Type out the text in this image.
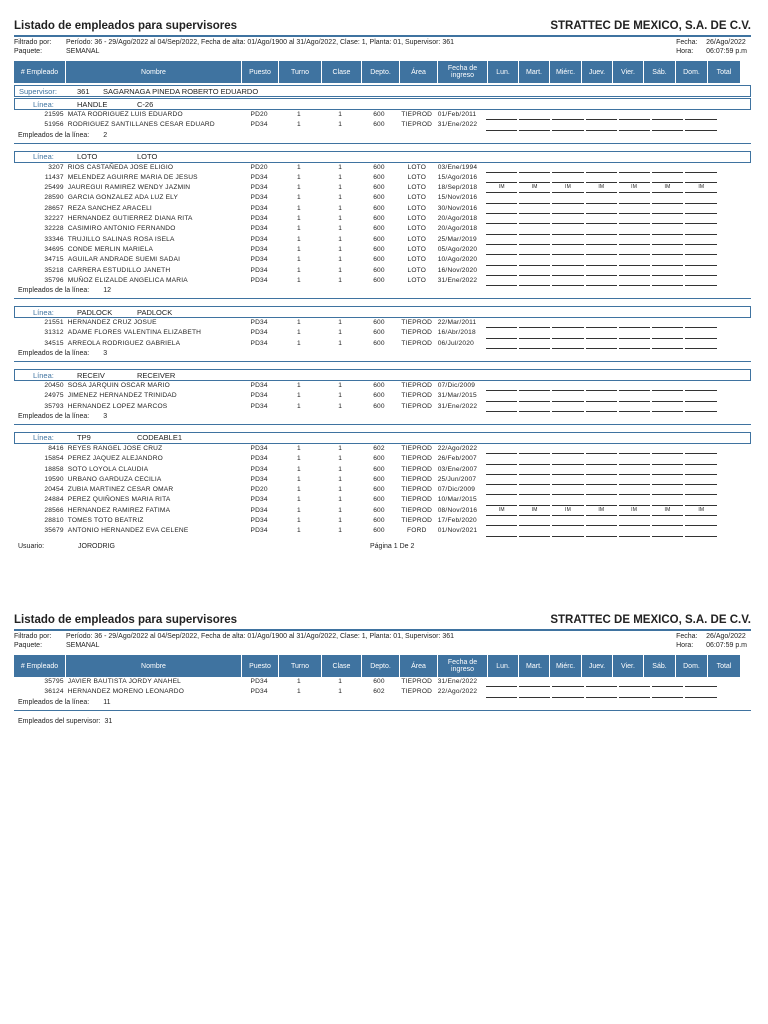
Listado de empleados para supervisores	STRATTEC DE MEXICO, S.A. DE C.V.
Filtrado por: Período: 36 - 29/Ago/2022 al 04/Sep/2022, Fecha de alta: 01/Ago/1900 al 31/Ago/2022, Clase: 1, Planta: 01, Supervisor: 361
Paquete:	SEMANAL
Fecha: 26/Ago/2022
Hora: 06:07:59 p.m
# Empleado	Nombre	Puesto	Turno	Clase	Depto.	Área	Fecha de ingreso	Lun.	Mart.	Miérc.	Juev.	Vier.	Sáb.	Dom.	Total
Supervisor:	361	SAGARNAGA PINEDA ROBERTO EDUARDO
Línea:	HANDLE	C-26
21595 MATA RODRIGUEZ LUIS EDUARDO	PD20	1	1	600	TIEPROD 01/Feb/2011
51956 RODRIGUEZ SANTILLANES CESAR EDUARD	PD34	1	1	600	TIEPROD 31/Ene/2022
Empleados de la línea: 2
Línea:	LOTO	LOTO
3207 RIOS CASTAÑEDA JOSE ELIGIO	PD20	1	1	600	LOTO	03/Ene/1994
11437 MELENDEZ AGUIRRE MARIA DE JESUS	PD34	1	1	600	LOTO	15/Ago/2016
25499 JAUREGUI RAMIREZ WENDY JAZMIN	PD34	1	1	600	LOTO	18/Sep/2018	IM	IM	IM	IM	IM	IM	IM
28590 GARCIA GONZALEZ ADA LUZ ELY	PD34	1	1	600	LOTO	15/Nov/2016
28657 REZA SANCHEZ ARACELI	PD34	1	1	600	LOTO	30/Nov/2016
32227 HERNANDEZ GUTIERREZ DIANA RITA	PD34	1	1	600	LOTO	20/Ago/2018
32228 CASIMIRO ANTONIO FERNANDO	PD34	1	1	600	LOTO	20/Ago/2018
33346 TRUJILLO SALINAS ROSA ISELA	PD34	1	1	600	LOTO	25/Mar/2019
34695 CONDE MERLIN MARIELA	PD34	1	1	600	LOTO	05/Ago/2020
34715 AGUILAR ANDRADE SUEMI SADAI	PD34	1	1	600	LOTO	10/Ago/2020
35218 CARRERA ESTUDILLO JANETH	PD34	1	1	600	LOTO	16/Nov/2020
35796 MUÑOZ ELIZALDE ANGELICA MARIA	PD34	1	1	600	LOTO	31/Ene/2022
Empleados de la línea: 12
Línea:	PADLOCK	PADLOCK
21551 HERNANDEZ CRUZ JOSUE	PD34	1	1	600	TIEPROD 22/Mar/2011
31312 ADAME FLORES VALENTINA ELIZABETH	PD34	1	1	600	TIEPROD 16/Abr/2018
34515 ARREOLA RODRIGUEZ GABRIELA	PD34	1	1	600	TIEPROD 06/Jul/2020
Empleados de la línea: 3
Línea:	RECEIV	RECEIVER
20450 SOSA JARQUIN OSCAR MARIO	PD34	1	1	600	TIEPROD 07/Dic/2009
24975 JIMENEZ HERNANDEZ TRINIDAD	PD34	1	1	600	TIEPROD 31/Mar/2015
35793 HERNANDEZ LOPEZ MARCOS	PD34	1	1	600	TIEPROD 31/Ene/2022
Empleados de la línea: 3
Línea:	TP9	CODEABLE1
8416 REYES RANGEL JOSE CRUZ	PD34	1	1	602	TIEPROD 22/Ago/2022
15854 PEREZ JAQUEZ ALEJANDRO	PD34	1	1	600	TIEPROD 26/Feb/2007
18858 SOTO LOYOLA CLAUDIA	PD34	1	1	600	TIEPROD 03/Ene/2007
19590 URBANO GARDUZA CECILIA	PD34	1	1	600	TIEPROD 25/Jun/2007
20454 ZUBIA MARTINEZ CESAR OMAR	PD20	1	1	600	TIEPROD 07/Dic/2009
24884 PEREZ QUIÑONES MARIA RITA	PD34	1	1	600	TIEPROD 10/Mar/2015
28566 HERNANDEZ RAMIREZ FATIMA	PD34	1	1	600	TIEPROD 08/Nov/2016	IM	IM	IM	IM	IM	IM	IM
28810 TOMES TOTO BEATRIZ	PD34	1	1	600	TIEPROD 17/Feb/2020
35679 ANTONIO HERNANDEZ EVA CELENE	PD34	1	1	600	FORD	01/Nov/2021
Usuario:	JORODRIG	Página 1 De 2
Listado de empleados para supervisores	STRATTEC DE MEXICO, S.A. DE C.V.
Filtrado por: Período: 36 - 29/Ago/2022 al 04/Sep/2022, Fecha de alta: 01/Ago/1900 al 31/Ago/2022, Clase: 1, Planta: 01, Supervisor: 361
Paquete:	SEMANAL
Fecha: 26/Ago/2022
Hora: 06:07:59 p.m
# Empleado	Nombre	Puesto	Turno	Clase	Depto.	Área	Fecha de ingreso	Lun.	Mart.	Miérc.	Juev.	Vier.	Sáb.	Dom.	Total
35795 JAVIER BAUTISTA JORDY ANAHEL	PD34	1	1	600	TIEPROD 31/Ene/2022
36124 HERNANDEZ MORENO LEONARDO	PD34	1	1	602	TIEPROD 22/Ago/2022
Empleados de la línea: 11
Empleados del supervisor: 31
